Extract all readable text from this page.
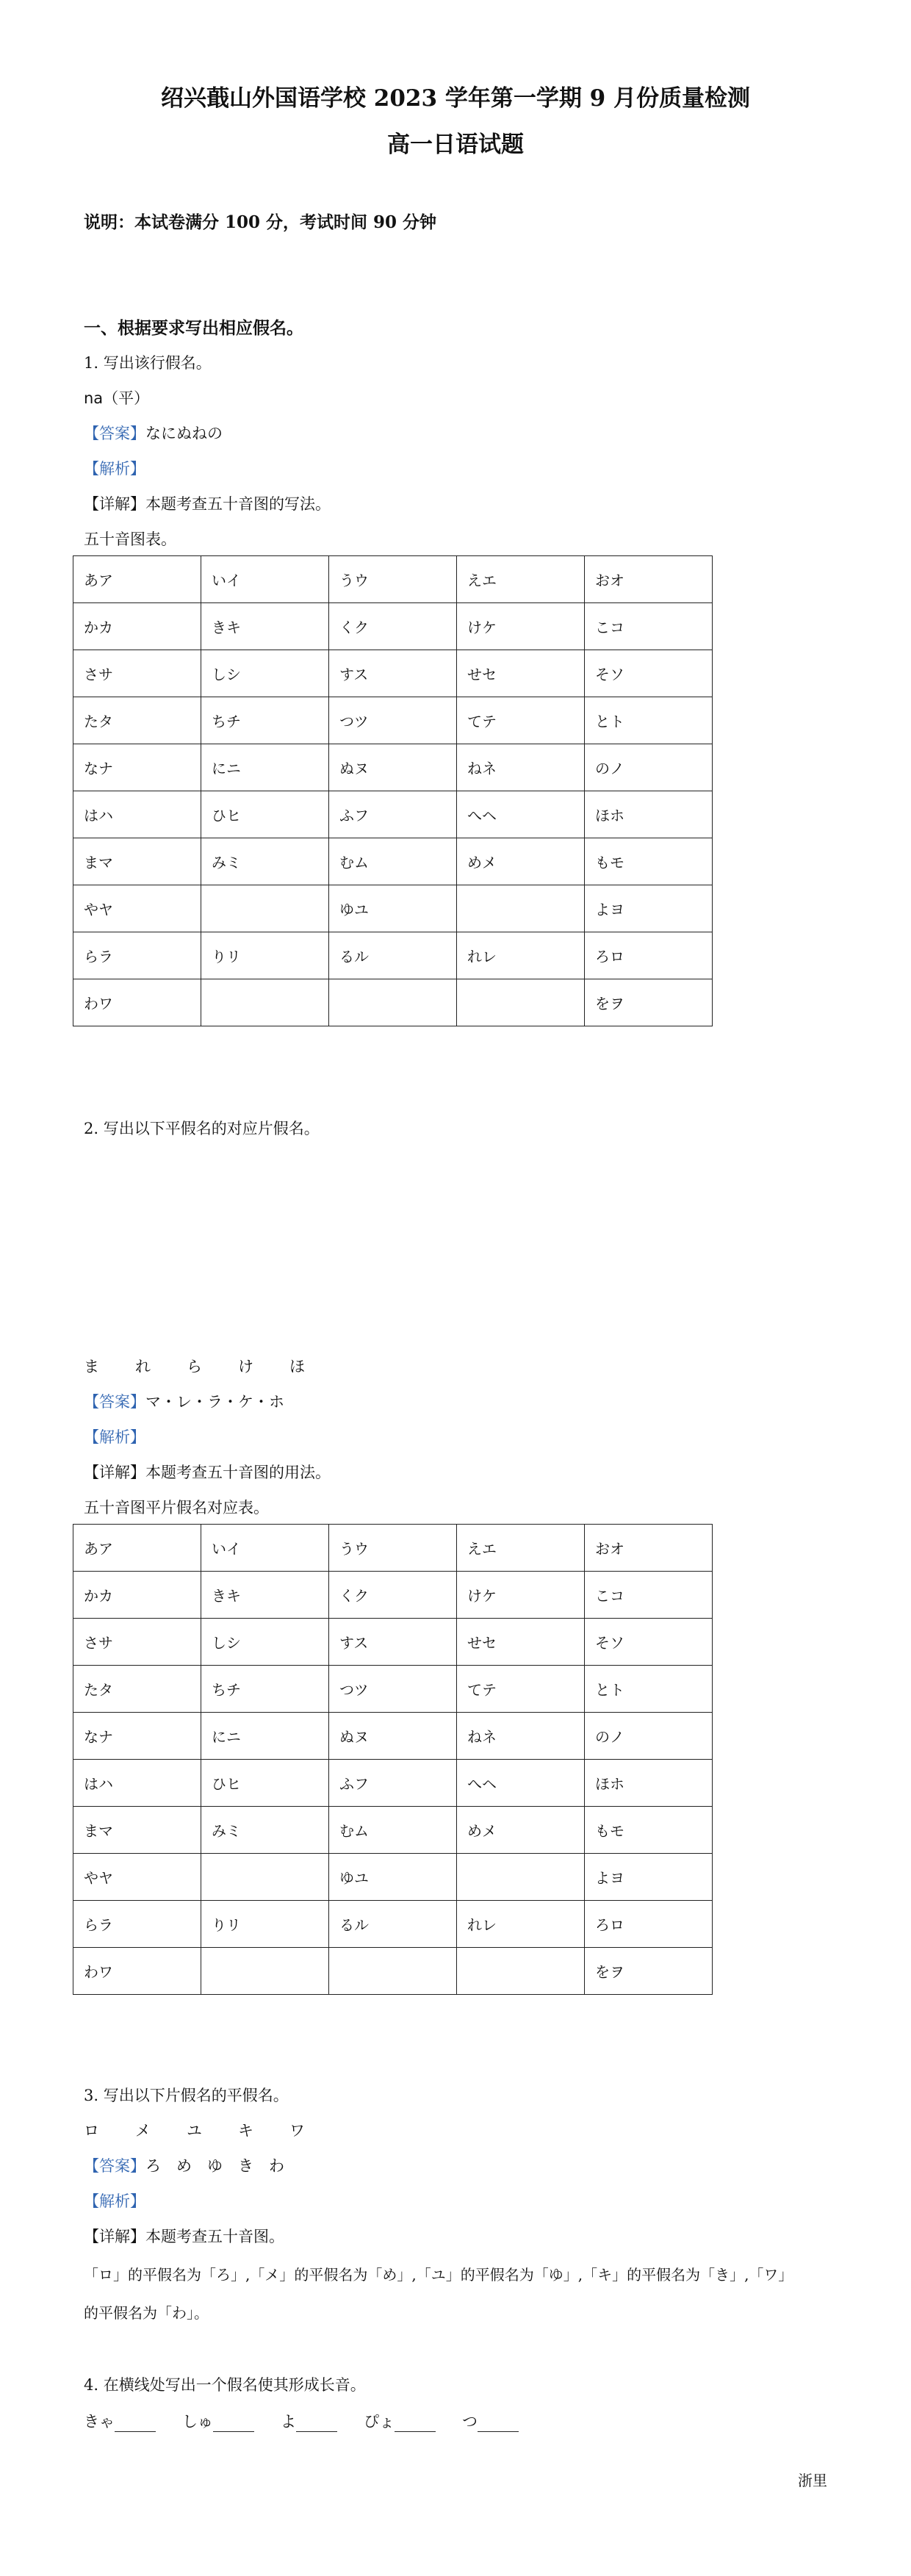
绍兴蕺山外国语学校 2023 学年第一学期 9 月份质量检测
高一日语试题
说明：本试卷满分 100 分，考试时间 90 分钟
一、根据要求写出相应假名。
1. 写出该行假名。
na（平）
【答案】なにぬねの
【解析】
【详解】本题考查五十音图的写法。
五十音图表。
あア	いイ	うウ	えエ	おオ
かカ	きキ	くク	けケ	こコ
さサ	しシ	すス	せセ	そソ
たタ	ちチ	つツ	てテ	とト
なナ	にニ	ぬヌ	ねネ	のノ
はハ	ひヒ	ふフ	へヘ	ほホ
まマ	みミ	むム	めメ	もモ
やヤ		ゆユ		よヨ
らラ	りリ	るル	れレ	ろロ
わワ				をヲ
2. 写出以下平假名的对应片假名。
ま れ ら け ほ
【答案】マ・レ・ラ・ケ・ホ
【解析】
【详解】本题考查五十音图的用法。
五十音图平片假名对应表。
あア	いイ	うウ	えエ	おオ
かカ	きキ	くク	けケ	こコ
さサ	しシ	すス	せセ	そソ
たタ	ちチ	つツ	てテ	とト
なナ	にニ	ぬヌ	ねネ	のノ
はハ	ひヒ	ふフ	へヘ	ほホ
まマ	みミ	むム	めメ	もモ
やヤ		ゆユ		よヨ
らラ	りリ	るル	れレ	ろロ
わワ				をヲ
3. 写出以下片假名的平假名。
ロ メ ユ キ ワ
【答案】ろ　め　ゆ　き　わ
【解析】
【详解】本题考查五十音图。
「ロ」的平假名为「ろ」,「メ」的平假名为「め」,「ユ」的平假名为「ゆ」,「キ」的平假名为「き」,「ワ」
的平假名为「わ」。
4. 在横线处写出一个假名使其形成长音。
きゃ	しゅ	よ	ぴょ	つ
浙里
